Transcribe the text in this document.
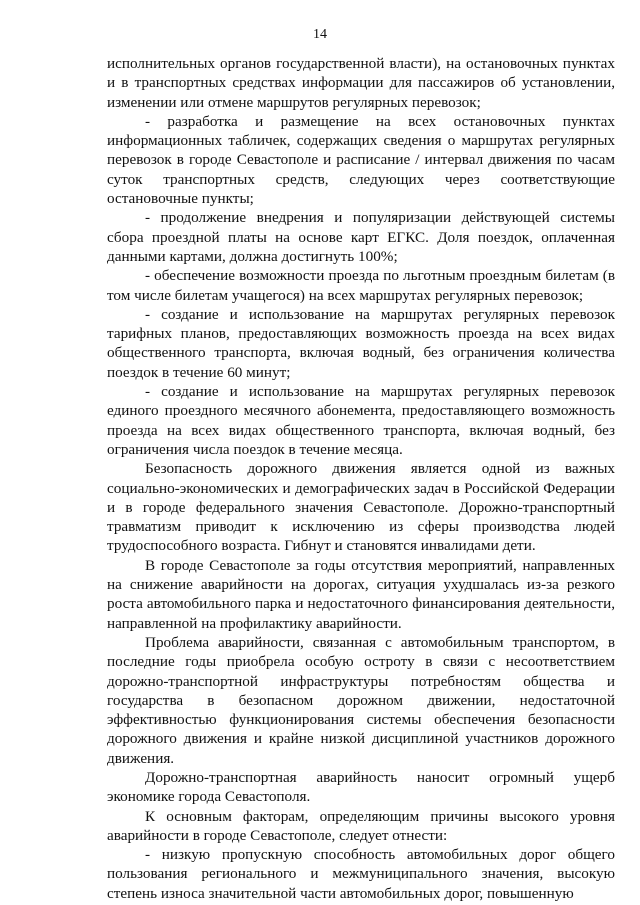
14

исполнительных органов государственной власти), на остановочных пунктах и в транспортных средствах информации для пассажиров об установлении, изменении или отмене маршрутов регулярных перевозок;

- разработка и размещение на всех остановочных пунктах информационных табличек, содержащих сведения о маршрутах регулярных перевозок в городе Севастополе и расписание / интервал движения по часам суток транспортных средств, следующих через соответствующие остановочные пункты;

- продолжение внедрения и популяризации действующей системы сбора проездной платы на основе карт ЕГКС. Доля поездок, оплаченная данными картами, должна достигнуть 100%;

- обеспечение возможности проезда по льготным проездным билетам (в том числе билетам учащегося) на всех маршрутах регулярных перевозок;

- создание и использование на маршрутах регулярных перевозок тарифных планов, предоставляющих возможность проезда на всех видах общественного транспорта, включая водный, без ограничения количества поездок в течение 60 минут;

- создание и использование на маршрутах регулярных перевозок единого проездного месячного абонемента, предоставляющего возможность проезда на всех видах общественного транспорта, включая водный, без ограничения числа поездок в течение месяца.

Безопасность дорожного движения является одной из важных социально-экономических и демографических задач в Российской Федерации и в городе федерального значения Севастополе. Дорожно-транспортный травматизм приводит к исключению из сферы производства людей трудоспособного возраста. Гибнут и становятся инвалидами дети.

В городе Севастополе за годы отсутствия мероприятий, направленных на снижение аварийности на дорогах, ситуация ухудшалась из-за резкого роста автомобильного парка и недостаточного финансирования деятельности, направленной на профилактику аварийности.

Проблема аварийности, связанная с автомобильным транспортом, в последние годы приобрела особую остроту в связи с несоответствием дорожно-транспортной инфраструктуры потребностям общества и государства в безопасном дорожном движении, недостаточной эффективностью функционирования системы обеспечения безопасности дорожного движения и крайне низкой дисциплиной участников дорожного движения.

Дорожно-транспортная аварийность наносит огромный ущерб экономике города Севастополя.

К основным факторам, определяющим причины высокого уровня аварийности в городе Севастополе, следует отнести:

- низкую пропускную способность автомобильных дорог общего пользования регионального и межмуниципального значения, высокую степень износа значительной части автомобильных дорог, повышенную
